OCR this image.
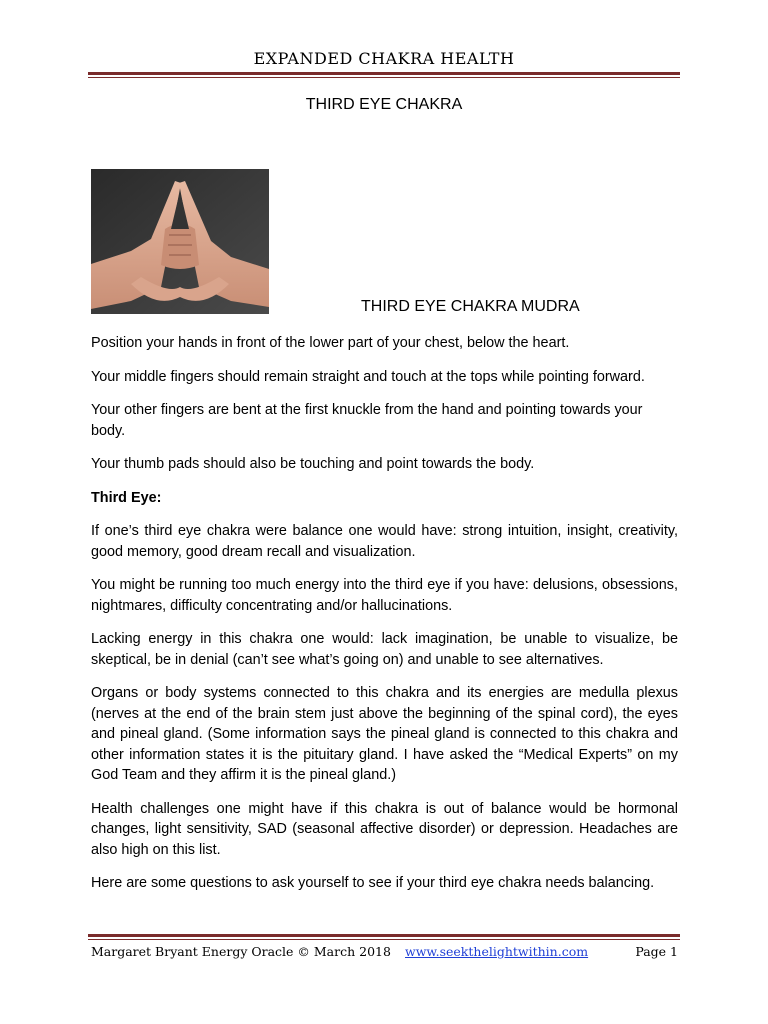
EXPANDED CHAKRA HEALTH
THIRD EYE CHAKRA
THIRD EYE CHAKRA MUDRA

Position your hands in front of the lower part of your chest, below the heart.

Your middle fingers should remain straight and touch at the tops while pointing forward.

Your other fingers are bent at the first knuckle from the hand and pointing towards your body.

Your thumb pads should also be touching and point towards the body.

Third Eye:

If one’s third eye chakra were balance one would have: strong intuition, insight, creativity, good memory, good dream recall and visualization.

You might be running too much energy into the third eye if you have: delusions, obsessions, nightmares, difficulty concentrating and/or hallucinations.

Lacking energy in this chakra one would: lack imagination, be unable to visualize, be skeptical, be in denial (can’t see what’s going on) and unable to see alternatives.

Organs or body systems connected to this chakra and its energies are medulla plexus (nerves at the end of the brain stem just above the beginning of the spinal cord), the eyes and pineal gland. (Some information says the pineal gland is connected to this chakra and other information states it is the pituitary gland. I have asked the “Medical Experts” on my God Team and they affirm it is the pineal gland.)

Health challenges one might have if this chakra is out of balance would be hormonal changes, light sensitivity, SAD (seasonal affective disorder) or depression. Headaches are also high on this list.

Here are some questions to ask yourself to see if your third eye chakra needs balancing.

Margaret Bryant Energy Oracle © March 2018 www.seekthelightwithin.com	Page 1
